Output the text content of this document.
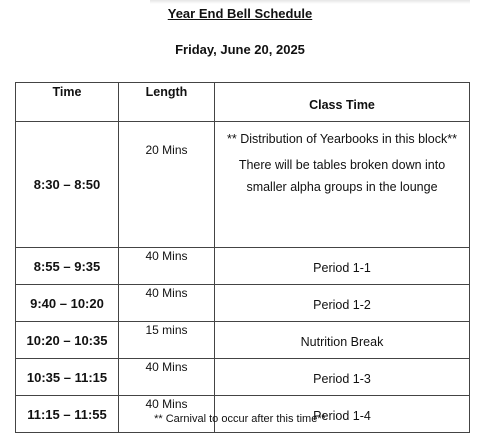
Year End Bell Schedule
Friday, June 20, 2025
Time	Length	Class Time
8:30 – 8:50	20 Mins	** Distribution of Yearbooks in this block**
There will be tables broken down into smaller alpha groups in the lounge

8:55 – 9:35	40 Mins	Period 1-1
9:40 – 10:20	40 Mins	Period 1-2
10:20 – 10:35	15 mins	Nutrition Break
10:35 – 11:15	40 Mins	Period 1-3
11:15 – 11:55	40 Mins	Period 1-4
** Carnival to occur after this time**
